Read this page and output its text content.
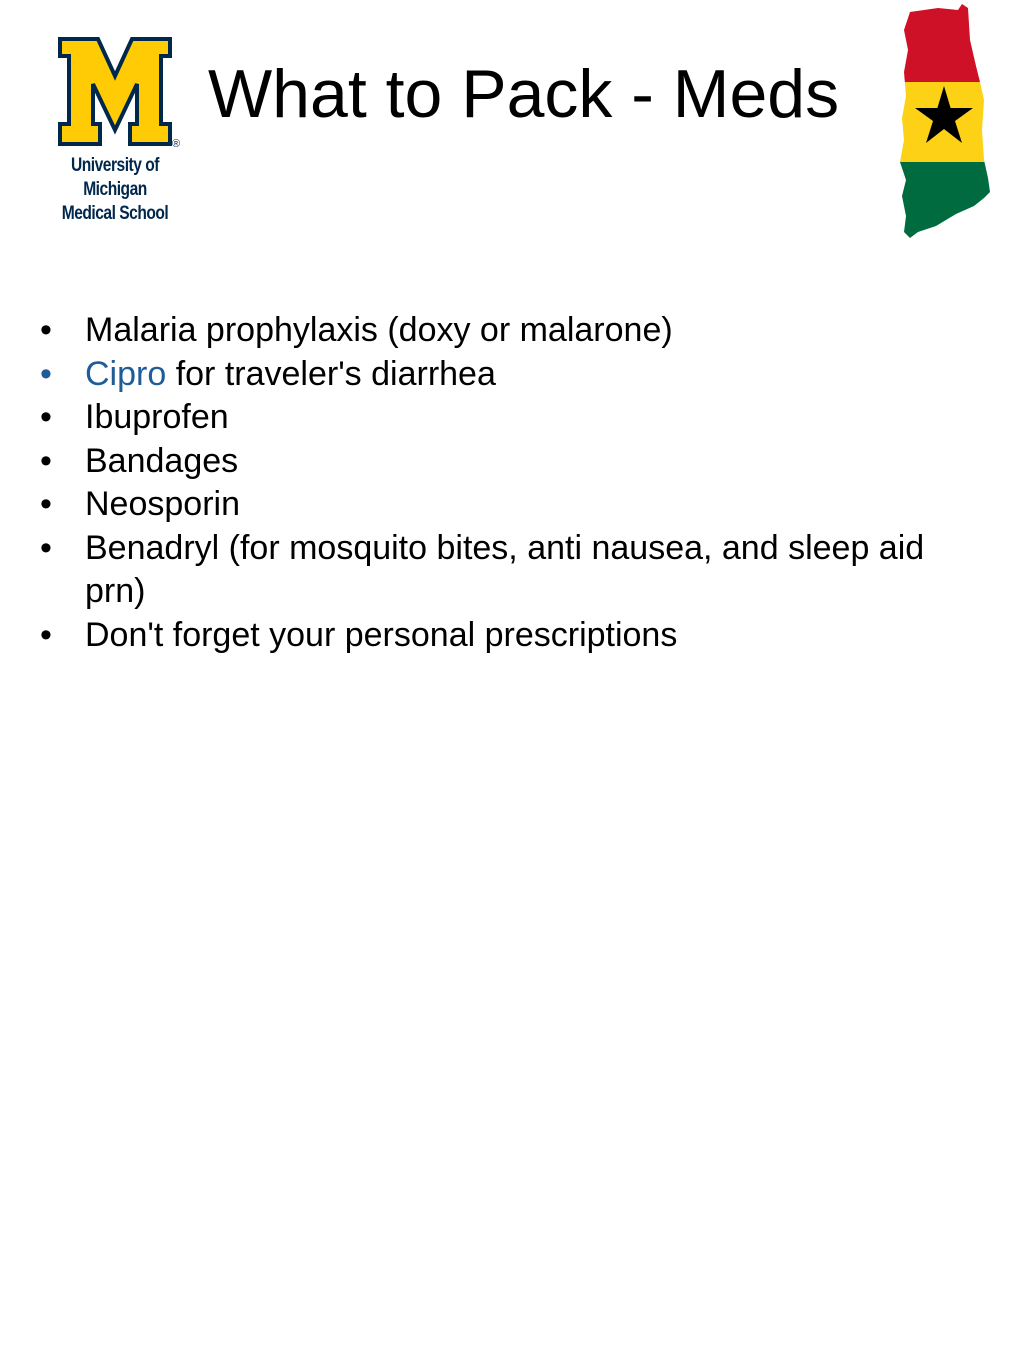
®
University of Michigan
Medical School
What to Pack - Meds
• Malaria prophylaxis (doxy or malarone)
• Cipro for traveler's diarrhea
• Ibuprofen
• Bandages
• Neosporin
• Benadryl (for mosquito bites, anti nausea, and sleep aid prn)
• Don't forget your personal prescriptions
